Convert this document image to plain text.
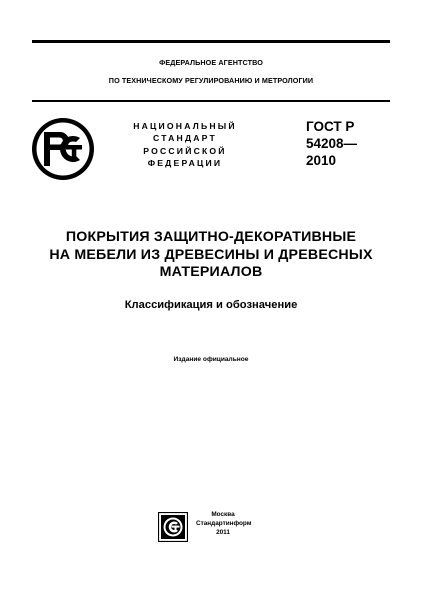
ФЕДЕРАЛЬНОЕ АГЕНТСТВО
ПО ТЕХНИЧЕСКОМУ РЕГУЛИРОВАНИЮ И МЕТРОЛОГИИ
НАЦИОНАЛЬНЫЙ
СТАНДАРТ
РОССИЙСКОЙ
ФЕДЕРАЦИИ
ГОСТ Р
54208—
2010
ПОКРЫТИЯ ЗАЩИТНО-ДЕКОРАТИВНЫЕ
НА МЕБЕЛИ ИЗ ДРЕВЕСИНЫ И ДРЕВЕСНЫХ
МАТЕРИАЛОВ
Классификация и обозначение
Издание официальное
Москва
Стандартинформ
2011
